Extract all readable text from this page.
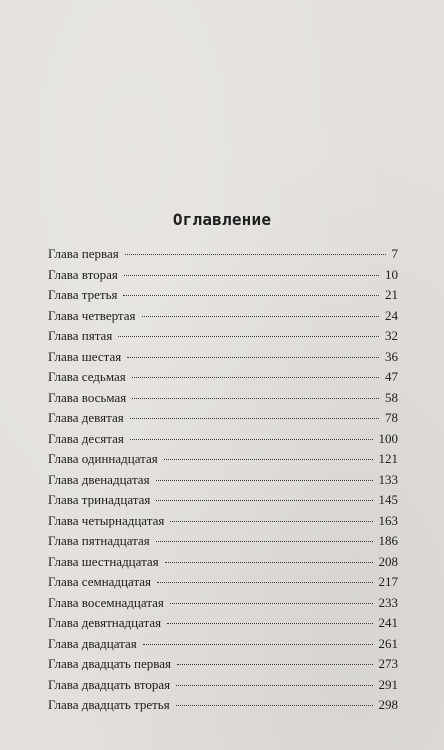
Оглавление
Глава первая	7
Глава вторая	10
Глава третья	21
Глава четвертая	24
Глава пятая	32
Глава шестая	36
Глава седьмая	47
Глава восьмая	58
Глава девятая	78
Глава десятая	100
Глава одиннадцатая	121
Глава двенадцатая	133
Глава тринадцатая	145
Глава четырнадцатая	163
Глава пятнадцатая	186
Глава шестнадцатая	208
Глава семнадцатая	217
Глава восемнадцатая	233
Глава девятнадцатая	241
Глава двадцатая	261
Глава двадцать первая	273
Глава двадцать вторая	291
Глава двадцать третья	298
